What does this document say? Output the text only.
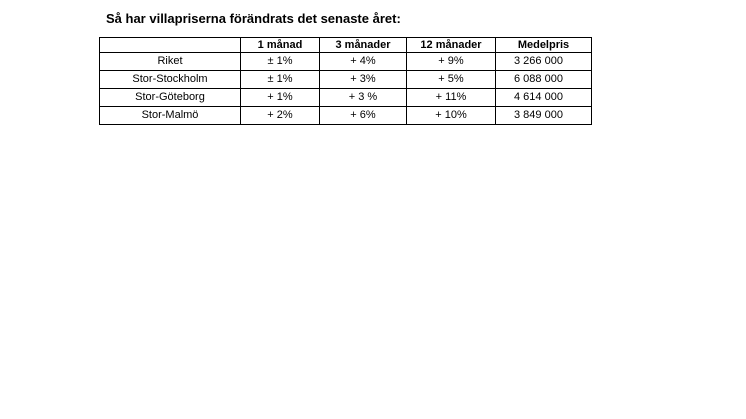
Så har villapriserna förändrats det senaste året:
	1 månad	3 månader	12 månader	Medelpris
Riket	± 1%	+ 4%	+ 9%	3 266 000
Stor-Stockholm	± 1%	+ 3%	+ 5%	6 088 000
Stor-Göteborg	+ 1%	+ 3 %	+ 11%	4 614 000
Stor-Malmö	+ 2%	+ 6%	+ 10%	3 849 000
